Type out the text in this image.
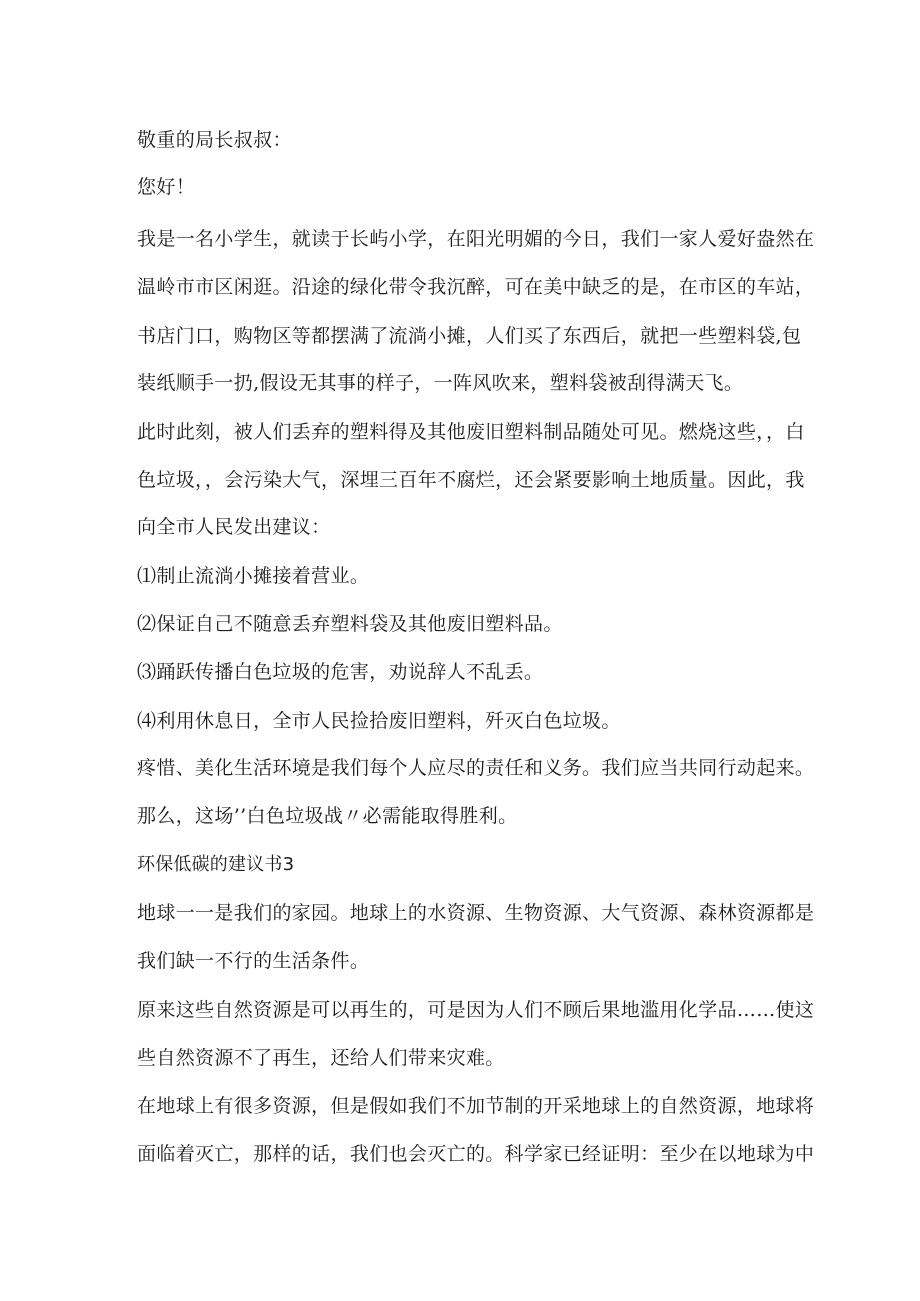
敬重的局长叔叔：
您好！
我是一名小学生，就读于长屿小学，在阳光明媚的今日，我们一家人爱好盎然在
温岭市市区闲逛。沿途的绿化带令我沉醉，可在美中缺乏的是，在市区的车站，
书店门口，购物区等都摆满了流淌小摊，人们买了东西后，就把一些塑料袋,包
装纸顺手一扔,假设无其事的样子，一阵风吹来，塑料袋被刮得满天飞。
此时此刻，被人们丢弃的塑料得及其他废旧塑料制品随处可见。燃烧这些，，白
色垃圾，，会污染大气，深埋三百年不腐烂，还会紧要影响土地质量。因此，我
向全市人民发出建议：
⑴制止流淌小摊接着营业。
⑵保证自己不随意丢弃塑料袋及其他废旧塑料品。
⑶踊跃传播白色垃圾的危害，劝说辞人不乱丢。
⑷利用休息日，全市人民捡拾废旧塑料，歼灭白色垃圾。
疼惜、美化生活环境是我们每个人应尽的责任和义务。我们应当共同行动起来。
那么，这场’’白色垃圾战〃必需能取得胜利。
环保低碳的建议书3
地球一一是我们的家园。地球上的水资源、生物资源、大气资源、森林资源都是
我们缺一不行的生活条件。
原来这些自然资源是可以再生的，可是因为人们不顾后果地滥用化学品……使这
些自然资源不了再生，还给人们带来灾难。
在地球上有很多资源，但是假如我们不加节制的开采地球上的自然资源，地球将
面临着灭亡，那样的话，我们也会灭亡的。科学家已经证明：至少在以地球为中
